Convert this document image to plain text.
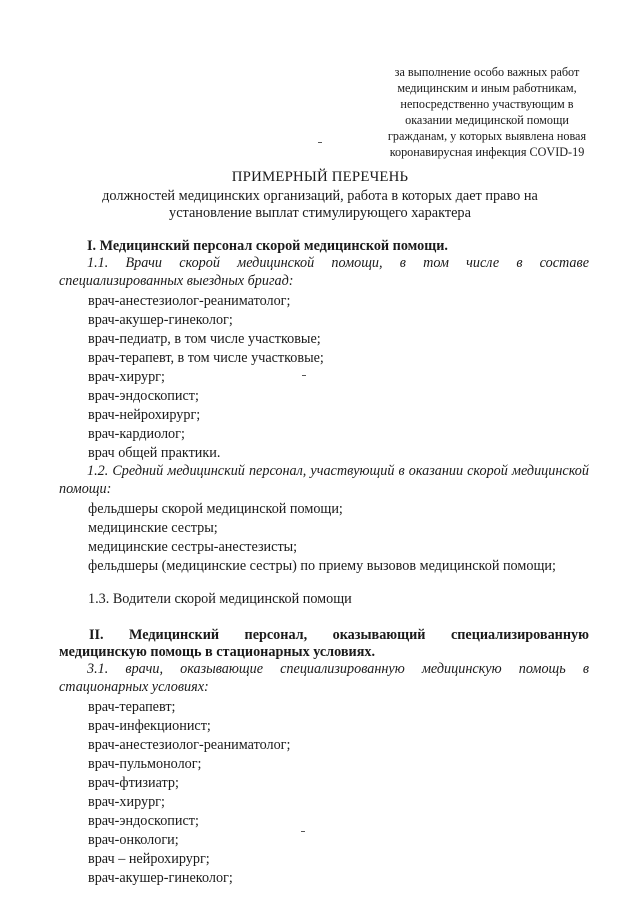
за выполнение особо важных работ
медицинским и иным работникам,
непосредственно участвующим в
оказании медицинской помощи
гражданам, у которых выявлена новая
коронавирусная инфекция COVID-19
ПРИМЕРНЫЙ ПЕРЕЧЕНЬ
должностей медицинских организаций, работа в которых дает право на
установление выплат стимулирующего характера
I. Медицинский персонал скорой медицинской помощи.
1.1. Врачи скорой медицинской помощи, в том числе в составе специализированных выездных бригад:
врач-анестезиолог-реаниматолог;
врач-акушер-гинеколог;
врач-педиатр, в том числе участковые;
врач-терапевт, в том числе участковые;
врач-хирург;
врач-эндоскопист;
врач-нейрохирург;
врач-кардиолог;
врач общей практики.
1.2. Средний медицинский персонал, участвующий в оказании скорой медицинской помощи:
фельдшеры скорой медицинской помощи;
медицинские сестры;
медицинские сестры-анестезисты;
фельдшеры (медицинские сестры) по приему вызовов медицинской помощи;
1.3. Водители скорой медицинской помощи
II. Медицинский персонал, оказывающий специализированную
медицинскую помощь в стационарных условиях.
3.1. врачи, оказывающие специализированную медицинскую помощь в стационарных условиях:
врач-терапевт;
врач-инфекционист;
врач-анестезиолог-реаниматолог;
врач-пульмонолог;
врач-фтизиатр;
врач-хирург;
врач-эндоскопист;
врач-онкологи;
врач – нейрохирург;
врач-акушер-гинеколог;
